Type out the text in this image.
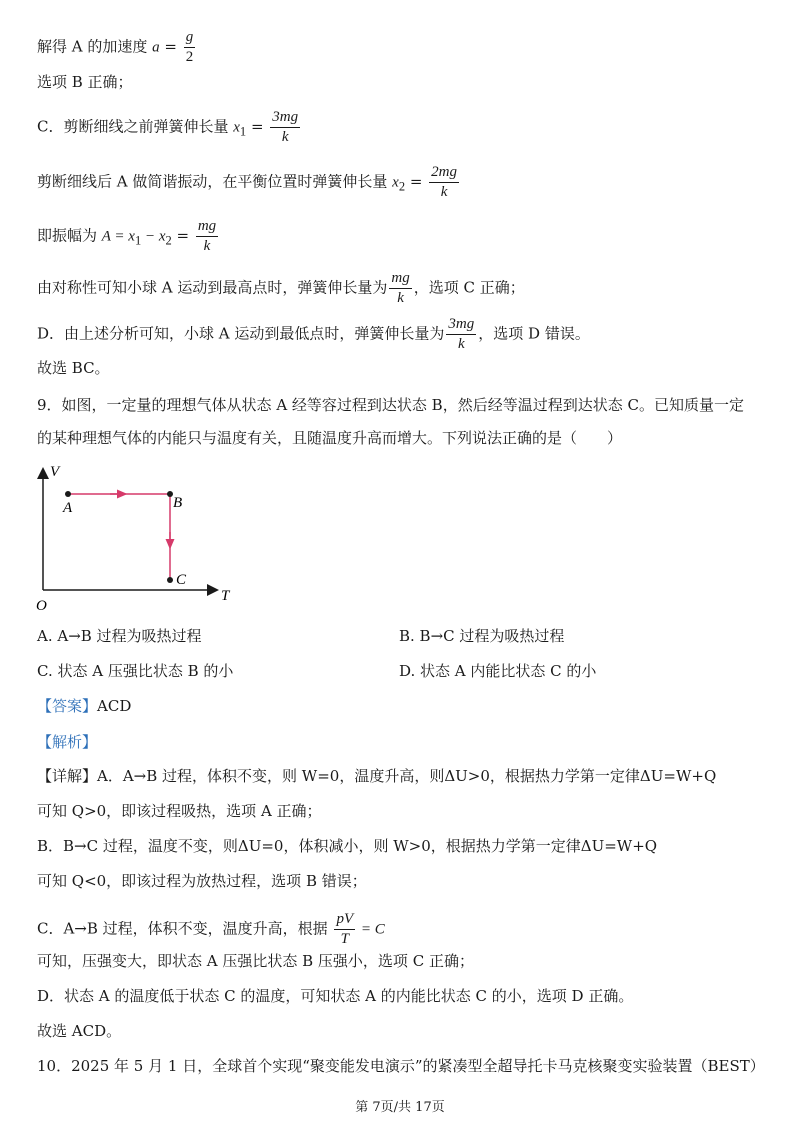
解得 A 的加速度 $a = \frac{g}{2}$
选项 B 正确；
C．剪断细线之前弹簧伸长量 $x_1 = \frac{3mg}{k}$
剪断细线后 A 做简谐振动，在平衡位置时弹簧伸长量 $x_2 = \frac{2mg}{k}$
即振幅为 $A = x_1 - x_2 = \frac{mg}{k}$
由对称性可知小球 A 运动到最高点时，弹簧伸长量为 $\frac{mg}{k}$ ，选项 C 正确；
D．由上述分析可知，小球 A 运动到最低点时，弹簧伸长量为 $\frac{3mg}{k}$ ，选项 D 错误。
故选 BC。
9．如图，一定量的理想气体从状态 A 经等容过程到达状态 B，然后经等温过程到达状态 C。已知质量一定
的某种理想气体的内能只与温度有关，且随温度升高而增大。下列说法正确的是（　　）
V
T
O
A	B
C
A. A→B 过程为吸热过程	B. B→C 过程为吸热过程
C. 状态 A 压强比状态 B 的小	D. 状态 A 内能比状态 C 的小
【答案】ACD
【解析】
【详解】A．A→B 过程，体积不变，则 W=0，温度升高，则ΔU>0，根据热力学第一定律ΔU=W+Q
可知 Q>0，即该过程吸热，选项 A 正确；
B．B→C 过程，温度不变，则ΔU=0，体积减小，则 W>0，根据热力学第一定律ΔU=W+Q
可知 Q<0，即该过程为放热过程，选项 B 错误；
C．A→B 过程，体积不变，温度升高，根据 $\frac{pV}{T} = C$
可知，压强变大，即状态 A 压强比状态 B 压强小，选项 C 正确；
D．状态 A 的温度低于状态 C 的温度，可知状态 A 的内能比状态 C 的小，选项 D 正确。
故选 ACD。
10．2025 年 5 月 1 日，全球首个实现“聚变能发电演示”的紧凑型全超导托卡马克核聚变实验装置（BEST）
第 7页/共 17页
